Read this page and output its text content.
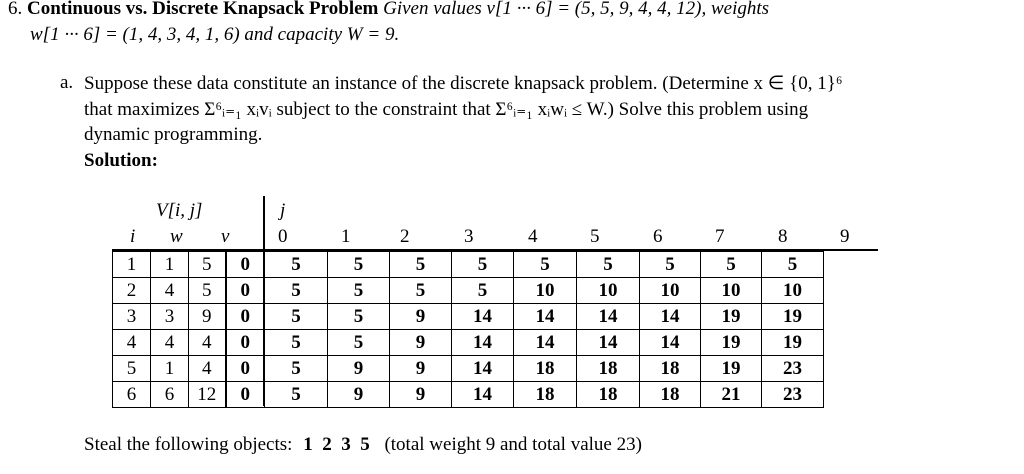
6. Continuous vs. Discrete Knapsack Problem Given values v[1 ··· 6] = (5, 5, 9, 4, 4, 12), weights
w[1 ··· 6] = (1, 4, 3, 4, 1, 6) and capacity W = 9.
a. Suppose these data constitute an instance of the discrete knapsack problem. (Determine x ∈ {0, 1}⁶
that maximizes Σ⁶ᵢ₌₁ xᵢvᵢ subject to the constraint that Σ⁶ᵢ₌₁ xᵢwᵢ ≤ W.) Solve this problem using
dynamic programming.
Solution:
V[i, j]	j
i w v	0	1	2	3	4	5	6	7	8	9
1	1	5	0	5	5	5	5	5	5	5	5	5
2	4	5	0	5	5	5	5	10	10	10	10	10
3	3	9	0	5	5	9	14	14	14	14	19	19
4	4	4	0	5	5	9	14	14	14	14	19	19
5	1	4	0	5	9	9	14	18	18	18	19	23
6	6	12	0	5	9	9	14	18	18	18	21	23
Steal the following objects: 1  2  3  5 (total weight 9 and total value 23)
